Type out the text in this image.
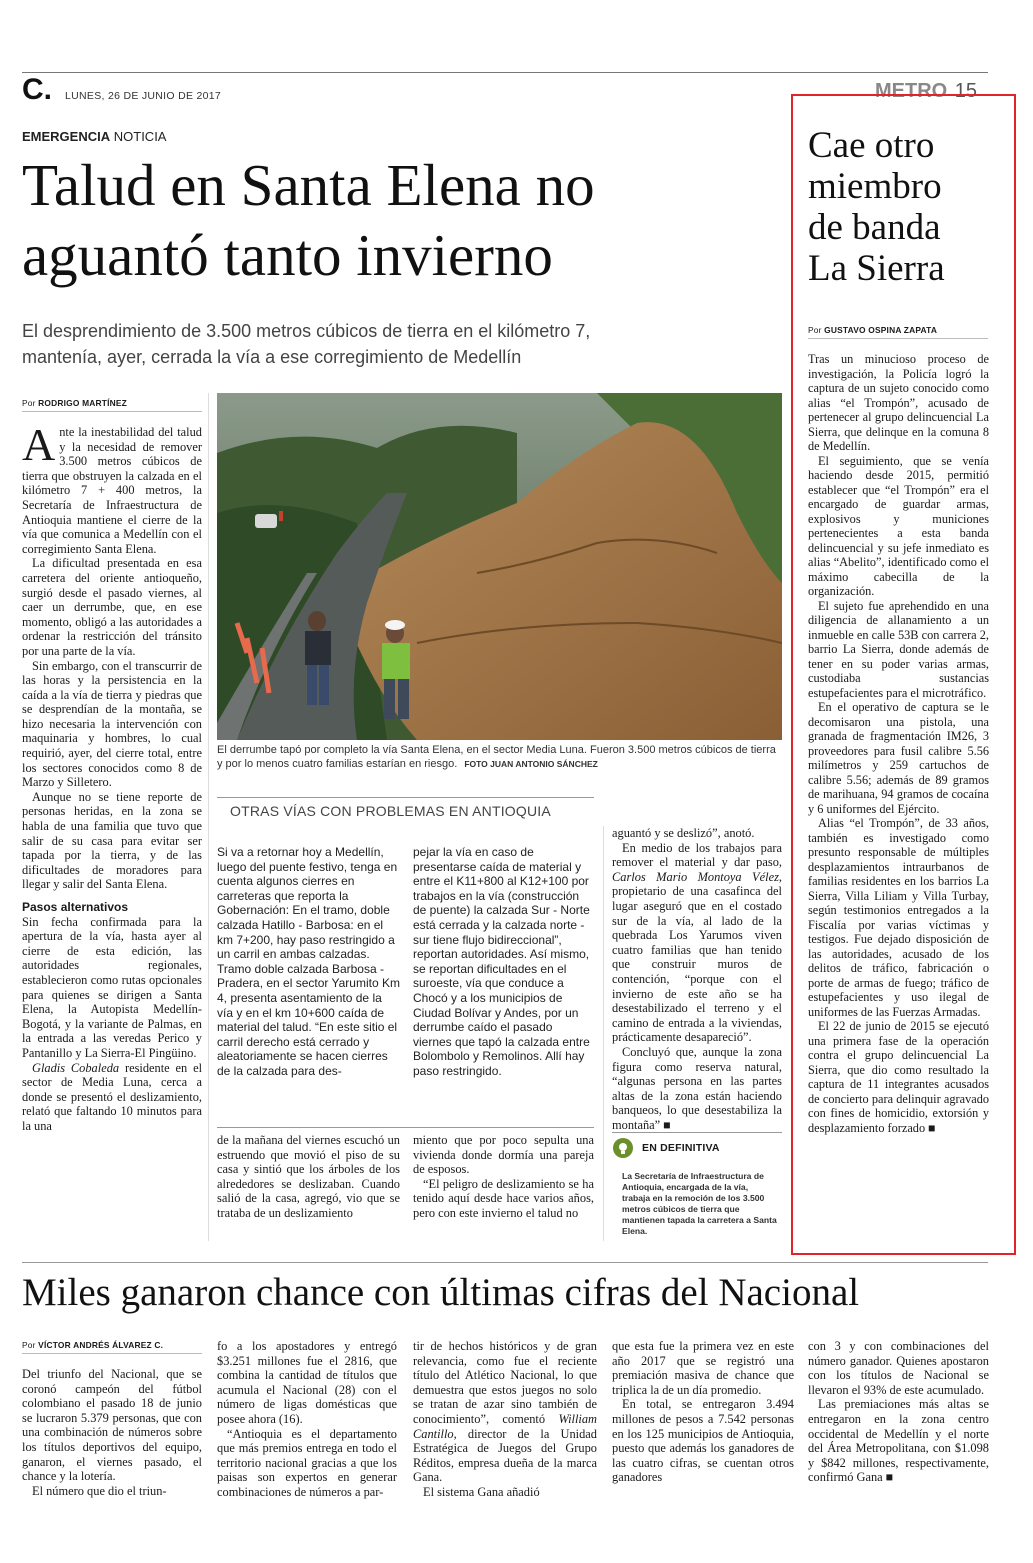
C. LUNES, 26 DE JUNIO DE 2017	METRO 15
EMERGENCIA NOTICIA
Talud en Santa Elena no
aguantó tanto invierno
El desprendimiento de 3.500 metros cúbicos de tierra en el kilómetro 7,
mantenía, ayer, cerrada la vía a ese corregimiento de Medellín
Por RODRIGO MARTÍNEZ

Ante la inestabilidad del talud y la necesidad de remover 3.500 metros cúbicos de tierra que obstruyen la calzada en el kilómetro 7 + 400 metros, la Secretaría de Infraestructura de Antioquia mantiene el cierre de la vía que comunica a Medellín con el corregimiento Santa Elena.

La dificultad presentada en esa carretera del oriente antioqueño, surgió desde el pasado viernes, al caer un derrumbe, que, en ese momento, obligó a las autoridades a ordenar la restricción del tránsito por una parte de la vía.

Sin embargo, con el transcurrir de las horas y la persistencia en la caída a la vía de tierra y piedras que se desprendían de la montaña, se hizo necesaria la intervención con maquinaria y hombres, lo cual requirió, ayer, del cierre total, entre los sectores conocidos como 8 de Marzo y Silletero.

Aunque no se tiene reporte de personas heridas, en la zona se habla de una familia que tuvo que salir de su casa para evitar ser tapada por la tierra, y de las dificultades de moradores para llegar y salir del Santa Elena.

Pasos alternativos

Sin fecha confirmada para la apertura de la vía, hasta ayer al cierre de esta edición, las autoridades regionales, establecieron como rutas opcionales para quienes se dirigen a Santa Elena, la Autopista Medellín-Bogotá, y la variante de Palmas, en la entrada a las veredas Perico y Pantanillo y La Sierra-El Pingüino.

Gladis Cobaleda residente en el sector de Media Luna, cerca a donde se presentó el deslizamiento, relató que faltando 10 minutos para la una

El derrumbe tapó por completo la vía Santa Elena, en el sector Media Luna. Fueron 3.500 metros cúbicos de tierra y por lo menos cuatro familias estarían en riesgo. FOTO JUAN ANTONIO SÁNCHEZ
OTRAS VÍAS CON PROBLEMAS EN ANTIOQUIA
Si va a retornar hoy a Medellín, luego del puente festivo, tenga en cuenta algunos cierres en carreteras que reporta la Gobernación: En el tramo, doble calzada Hatillo - Barbosa: en el km 7+200, hay paso restringido a un carril en ambas calzadas. Tramo doble calzada Barbosa - Pradera, en el sector Yarumito Km 4, presenta asentamiento de la vía y en el km 10+600 caída de material del talud. “En este sitio el carril derecho está cerrado y aleatoriamente se hacen cierres de la calzada para des-
pejar la vía en caso de presentarse caída de material y entre el K11+800 al K12+100 por trabajos en la vía (construcción de puente) la calzada Sur - Norte está cerrada y la calzada norte - sur tiene flujo bidireccional”, reportan autoridades. Así mismo, se reportan dificultades en el suroeste, vía que conduce a Chocó y a los municipios de Ciudad Bolívar y Andes, por un derrumbe caído el pasado viernes que tapó la calzada entre Bolombolo y Remolinos. Allí hay paso restringido.

de la mañana del viernes escuchó un estruendo que movió el piso de su casa y sintió que los árboles de los alrededores se deslizaban. Cuando salió de la casa, agregó, vio que se trataba de un deslizamiento

miento que por poco sepulta una vivienda donde dormía una pareja de esposos.

“El peligro de deslizamiento se ha tenido aquí desde hace varios años, pero con este invierno el talud no

aguantó y se deslizó”, anotó.

En medio de los trabajos para remover el material y dar paso, Carlos Mario Montoya Vélez, propietario de una casafinca del lugar aseguró que en el costado sur de la vía, al lado de la quebrada Los Yarumos viven cuatro familias que han tenido que construir muros de contención, “porque con el invierno de este año se ha desestabilizado el terreno y el camino de entrada a la viviendas, prácticamente desapareció”.

Concluyó que, aunque la zona figura como reserva natural, “algunas persona en las partes altas de la zona están haciendo banqueos, lo que desestabiliza la montaña” ■

EN DEFINITIVA
La Secretaría de Infraestructura de Antioquia, encargada de la vía, trabaja en la remoción de los 3.500 metros cúbicos de tierra que mantienen tapada la carretera a Santa Elena.
Cae otro
miembro
de banda
La Sierra
Por GUSTAVO OSPINA ZAPATA

Tras un minucioso proceso de investigación, la Policía logró la captura de un sujeto conocido como alias “el Trompón”, acusado de pertenecer al grupo delincuencial La Sierra, que delinque en la comuna 8 de Medellín.

El seguimiento, que se venía haciendo desde 2015, permitió establecer que “el Trompón” era el encargado de guardar armas, explosivos y municiones pertenecientes a esta banda delincuencial y su jefe inmediato es alias “Abelito”, identificado como el máximo cabecilla de la organización.

El sujeto fue aprehendido en una diligencia de allanamiento a un inmueble en calle 53B con carrera 2, barrio La Sierra, donde además de tener en su poder varias armas, custodiaba sustancias estupefacientes para el microtráfico.

En el operativo de captura se le decomisaron una pistola, una granada de fragmentación IM26, 3 proveedores para fusil calibre 5.56 milímetros y 259 cartuchos de calibre 5.56; además de 89 gramos de marihuana, 94 gramos de cocaína y 6 uniformes del Ejército.

Alias “el Trompón”, de 33 años, también es investigado como presunto responsable de múltiples desplazamientos intraurbanos de familias residentes en los barrios La Sierra, Villa Liliam y Villa Turbay, según testimonios entregados a la Fiscalía por varias víctimas y testigos. Fue dejado disposición de las autoridades, acusado de los delitos de tráfico, fabricación o porte de armas de fuego; tráfico de estupefacientes y uso ilegal de uniformes de las Fuerzas Armadas.

El 22 de junio de 2015 se ejecutó una primera fase de la operación contra el grupo delincuencial La Sierra, que dio como resultado la captura de 11 integrantes acusados de concierto para delinquir agravado con fines de homicidio, extorsión y desplazamiento forzado ■

Miles ganaron chance con últimas cifras del Nacional
Por VÍCTOR ANDRÉS ÁLVAREZ C.

Del triunfo del Nacional, que se coronó campeón del fútbol colombiano el pasado 18 de junio se lucraron 5.379 personas, que con una combinación de números sobre los títulos deportivos del equipo, ganaron, el viernes pasado, el chance y la lotería.

El número que dio el triun-

fo a los apostadores y entregó $3.251 millones fue el 2816, que combina la cantidad de títulos que acumula el Nacional (28) con el número de ligas domésticas que posee ahora (16).

“Antioquia es el departamento que más premios entrega en todo el territorio nacional gracias a que los paisas son expertos en generar combinaciones de números a par-

tir de hechos históricos y de gran relevancia, como fue el reciente título del Atlético Nacional, lo que demuestra que estos juegos no solo se tratan de azar sino también de conocimiento”, comentó William Cantillo, director de la Unidad Estratégica de Juegos del Grupo Réditos, empresa dueña de la marca Gana.

El sistema Gana añadió

que esta fue la primera vez en este año 2017 que se registró una premiación masiva de chance que triplica la de un día promedio.

En total, se entregaron 3.494 millones de pesos a 7.542 personas en los 125 municipios de Antioquia, puesto que además los ganadores de las cuatro cifras, se cuentan otros ganadores

con 3 y con combinaciones del número ganador. Quienes apostaron con los títulos de Nacional se llevaron el 93% de este acumulado.

Las premiaciones más altas se entregaron en la zona centro occidental de Medellín y el norte del Área Metropolitana, con $1.098 y $842 millones, respectivamente, confirmó Gana ■
